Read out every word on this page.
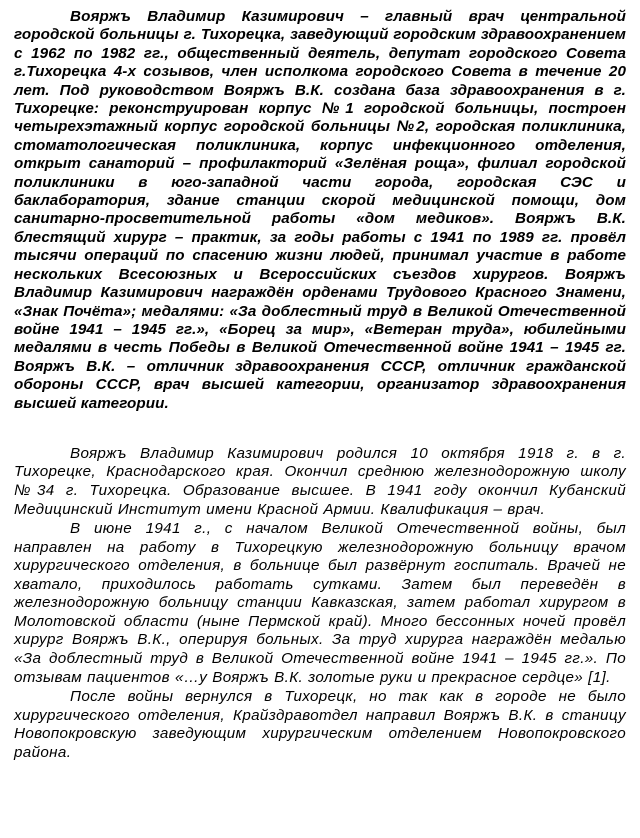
Вояржъ Владимир Казимирович – главный врач центральной городской больницы г. Тихорецка, заведующий городским здравоохранением с 1962 по 1982 гг., общественный деятель, депутат городского Совета г.Тихорецка 4-х созывов, член исполкома городского Совета в течение 20 лет. Под руководством Вояржъ В.К. создана база здравоохранения в г. Тихорецке: реконструирован корпус №1 городской больницы, построен четырехэтажный корпус городской больницы №2, городская поликлиника, стоматологическая поликлиника, корпус инфекционного отделения, открыт санаторий – профилакторий «Зелёная роща», филиал городской поликлиники в юго-западной части города, городская СЭС и баклаборатория, здание станции скорой медицинской помощи, дом санитарно-просветительной работы «дом медиков». Вояржъ В.К. блестящий хирург – практик, за годы работы с 1941 по 1989 гг. провёл тысячи операций по спасению жизни людей, принимал участие в работе нескольких Всесоюзных и Всероссийских съездов хирургов. Вояржъ Владимир Казимирович награждён орденами Трудового Красного Знамени, «Знак Почёта»; медалями: «За доблестный труд в Великой Отечественной войне 1941 – 1945 гг.», «Борец за мир», «Ветеран труда», юбилейными медалями в честь Победы в Великой Отечественной войне 1941 – 1945 гг. Вояржъ В.К. – отличник здравоохранения СССР, отличник гражданской обороны СССР, врач высшей категории, организатор здравоохранения высшей категории.

Вояржъ Владимир Казимирович родился 10 октября 1918 г. в г. Тихорецке, Краснодарского края. Окончил среднюю железнодорожную школу №34 г. Тихорецка. Образование высшее. В 1941 году окончил Кубанский Медицинский Институт имени Красной Армии. Квалификация – врач.

В июне 1941 г., с началом Великой Отечественной войны, был направлен на работу в Тихорецкую железнодорожную больницу врачом хирургического отделения, в больнице был развёрнут госпиталь. Врачей не хватало, приходилось работать сутками. Затем был переведён в железнодорожную больницу станции Кавказская, затем работал хирургом в Молотовской области (ныне Пермской край). Много бессонных ночей провёл хирург Вояржъ В.К., оперируя больных. За труд хирурга награждён медалью «За доблестный труд в Великой Отечественной войне 1941 – 1945 гг.». По отзывам пациентов «…у Вояржъ В.К. золотые руки и прекрасное сердце» [1].

После войны вернулся в Тихорецк, но так как в городе не было хирургического отделения, Крайздравотдел направил Вояржъ В.К. в станицу Новопокровскую заведующим хирургическим отделением Новопокровского района.
